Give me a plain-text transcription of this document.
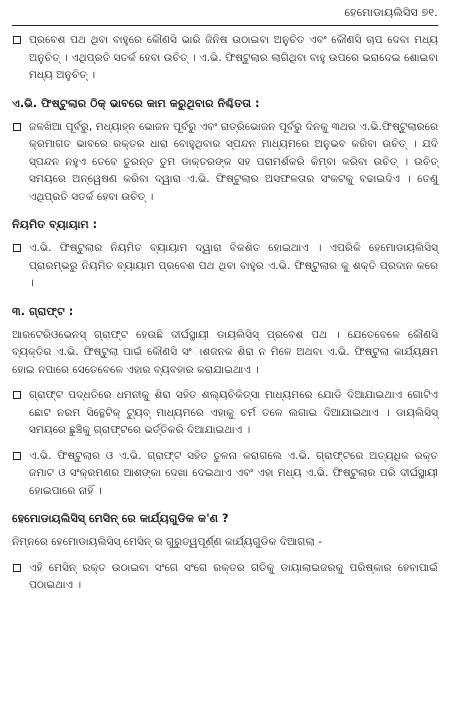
ହେମୋଡାୟଲିସିସ ୭୧.
ପ୍ରବେଶ ପଥ ଥିବା ବାହୁରେ କୌଣସି ଭାରି ଜିନିଷ ଉଠାଇବା ଅନୁଚିତ ଏବଂ କୌଣସି ଚାପ ଦେବା ମଧ୍ୟ ଅନୁଚିତ୍ । ଏଥିପ୍ରତି ସତର୍କ ହେବା ଉଚିତ୍ । ଏ.ଭି. ଫିଷ୍ଟୁଲାର ଲାଗିଥିବା ବାହୁ ଉପରେ ଭରାଦେଇ ଶୋଇବା ମଧ୍ୟ ଅନୁଚିତ୍ ।
ଏ.ଭି. ଫିଷ୍ଟୁଲାର ଠିକ୍ ଭାବରେ କାମ କରୁଥିବାର ନିଶ୍ଚିତତା :
ଜଳଖିଆ ପୂର୍ବରୁ, ମଧ୍ୟାହ୍ନ ଭୋଜନ ପୂର୍ବରୁ ଏବଂ ରାତ୍ରିଭୋଜନ ପୂର୍ବରୁ ଦିନକୁ ୩ଥର ଏ.ଭି.ଫିଷ୍ଟୁଲାରରେ କ୍ରମାଗତ ଭାବରେ ରକ୍ତର ଧାରା ବୋହୁଥିବାର ସ୍ପନ୍ଦନ ମାଧ୍ୟମରେ ଅନୁଭବ କରିବା ଉଚିତ୍ । ଯଦି ସ୍ପନ୍ଦନ ନହୁଏ ତେବେ ତୁରନ୍ତ ତୁମ ଡାକ୍ତରଙ୍କ ସହ ପରାମର୍ଶକରି କିମ୍ବା କରିବା ଉଚିତ୍ । ଉଚିତ୍ ସମୟରେ ଅନ୍ୱେଷଣ କରିବା ଦ୍ୱାରା ଏ.ଭି. ଫିଷ୍ଟୁଲାର ଅସଫଳତାର ସଂକଟକୁ ବଢାଇଦିଏ । ତେଣୁ ଏଥିପ୍ରତି ସତର୍କ ହେବା ଉଚିତ୍ ।
ନିୟମିତ ବ୍ୟାୟାମ :
ଏ.ଭି. ଫିଷ୍ଟୁଲାର ନିୟମିତ ବ୍ୟାୟାମ ଦ୍ୱାରା ବିକଶିତ ହୋଇଥାଏ । ଏପରିକି ହେମୋଡାୟଲିସିସ୍ ପ୍ରାରମ୍ଭରୁ ନିୟମିତ ବ୍ୟାୟାମ ପ୍ରବେଶ ପଥ ଥିବା ବାହୁର ଏ.ଭି. ଫିଷ୍ଟୁଲାର କୁ ଶକ୍ତି ପ୍ରଦାନ କରେ ।
୩. ଗ୍ରାଫ୍ଟ :
ଆରଟେରିଓଭେନସ୍ ଗ୍ରାଫ୍ଟ ହେଉଛି ଦୀର୍ଘସ୍ଥାୟୀ ଡାୟଲିସିସ୍ ପ୍ରବେଶ ପଥ । ଯେତେବେଳେ କୌଣସି ବ୍ୟକ୍ତିର ଏ.ଭି. ଫିଷ୍ଟୁଲା ପାଇଁ କୌଣସି ସଂାଶଜନକ ଶିରା ନ ମିଳେ ଅଥବା ଏ.ଭି. ଫିଷ୍ଟୁଲା କାର୍ଯ୍ୟକ୍ଷମ ହୋଇ ନପାରେ ସେତେବେଳେ ଏହାର ବ୍ୟବହାର କରାଯାଇଥାଏ ।
ଗ୍ରାଫ୍ଟ ପଦ୍ଧତିରେ ଧମନୀକୁ ଶିରା ସହିତ ଶଲ୍ୟଚିକିତ୍ସା ମାଧ୍ୟମରେ ଯୋଡି ଦିଆଯାଇଥାଏ ଗୋଟିଏ ଛୋଟ ନରମ ସିନ୍ଥେଟିକ୍ ଟ୍ୟୁବ୍ ମାଧ୍ୟମରେ ଏହାକୁ ଚର୍ମ ତଳେ ଲଗାଇ ଦିଆଯାଇଥାଏ । ଡାୟଲିସିସ୍ ସମୟରେ ଛୁଞ୍ଚିକୁ ଗ୍ରାଫ୍ଟରେ ଭର୍ତ୍ତିକରି ଦିଆଯାଇଥାଏ ।
ଏ.ଭି. ଫିଷ୍ଟୁଲାର ଓ ଏ.ଭି. ଗ୍ରାଫ୍ଟ ସହିତ ତୁଳନା କରାଗଲେ ଏ.ଭି. ଗ୍ରାଫ୍ଟରେ ଅତ୍ୟଧିକ ରକ୍ତ ଜମାଟ ଓ ସଂକ୍ରମଣର ଆଶଙ୍କା ଦେଖା ଦେଇଥାଏ ଏବଂ ଏହା ମଧ୍ୟ ଏ.ଭି. ଫିଷ୍ଟୁଲାର ପରି ଦୀର୍ଘସ୍ଥାୟୀ ହୋଇପାରେ ନାହିଁ ।
ହେମୋଡାୟଲିସିସ୍ ମେସିନ୍ ରେ କାର୍ଯ୍ୟଗୁଡିକ କ'ଣ ?
ନିମ୍ନରେ ହେମୋଡାୟଲିସିସ୍ ମେସିନ୍ ର ଗୁରୁତ୍ୱପୂର୍ଣ୍ଣ କାର୍ଯ୍ୟଗୁଡିକ ଦିଆଗଲା -
ଏହି ମେସିନ୍ ରକ୍ତ ଉଠାଇବା ସଂଗେ ସଂଗେ ରକ୍ତର ଗତିକୁ ଡାୟାଲାଇଜରକୁ ପରିଷ୍କାର ହେବାପାଇଁ ପଠାଇଥାଏ ।
